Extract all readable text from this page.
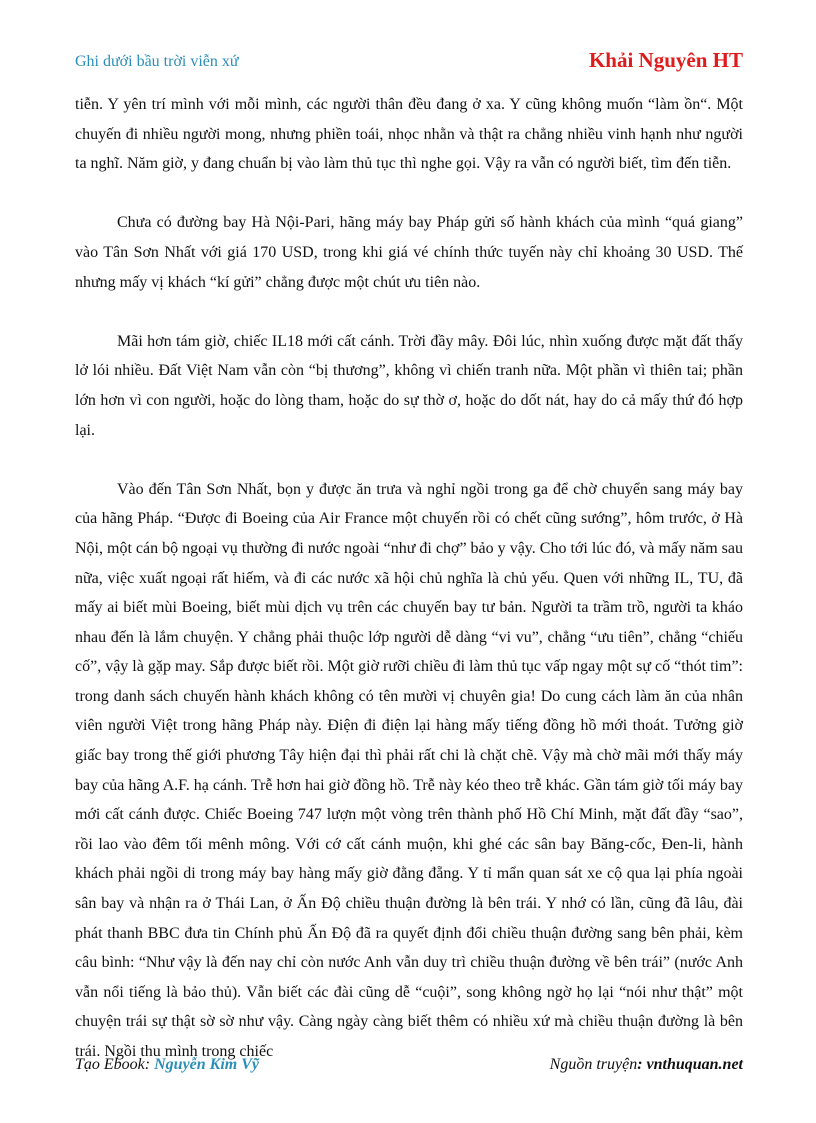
Ghi dưới bầu trời viễn xứ	Khải Nguyên HT

tiễn. Y yên trí mình với mỗi mình, các người thân đều đang ở xa. Y cũng không muốn “làm ồn“. Một chuyến đi nhiều người mong, nhưng phiền toái, nhọc nhằn và thật ra chẳng nhiều vinh hạnh như người ta nghĩ. Năm giờ, y đang chuẩn bị vào làm thủ tục thì nghe gọi. Vậy ra vẫn có người biết, tìm đến tiễn.

Chưa có đường bay Hà Nội-Pari, hãng máy bay Pháp gửi số hành khách của mình “quá giang” vào Tân Sơn Nhất với giá 170 USD, trong khi giá vé chính thức tuyến này chỉ khoảng 30 USD. Thế nhưng mấy vị khách “kí gửi” chẳng được một chút ưu tiên nào.

Mãi hơn tám giờ, chiếc IL18 mới cất cánh. Trời đầy mây. Đôi lúc, nhìn xuống được mặt đất thấy lở lói nhiều. Đất Việt Nam vẫn còn “bị thương”, không vì chiến tranh nữa. Một phần vì thiên tai; phần lớn hơn vì con người, hoặc do lòng tham, hoặc do sự thờ ơ, hoặc do dốt nát, hay do cả mấy thứ đó hợp lại.

Vào đến Tân Sơn Nhất, bọn y được ăn trưa và nghỉ ngồi trong ga để chờ chuyển sang máy bay của hãng Pháp. “Được đi Boeing của Air France một chuyến rồi có chết cũng sướng”, hôm trước, ở Hà Nội, một cán bộ ngoại vụ thường đi nước ngoài “như đi chợ” bảo y vậy. Cho tới lúc đó, và mấy năm sau nữa, việc xuất ngoại rất hiếm, và đi các nước xã hội chủ nghĩa là chủ yếu. Quen với những IL, TU, đã mấy ai biết mùi Boeing, biết mùi dịch vụ trên các chuyến bay tư bản. Người ta trầm trồ, người ta kháo nhau đến là lắm chuyện. Y chẳng phải thuộc lớp người dễ dàng “vi vu”, chẳng “ưu tiên”, chẳng “chiếu cố”, vậy là gặp may. Sắp được biết rồi. Một giờ rưỡi chiều đi làm thủ tục vấp ngay một sự cố “thót tim”: trong danh sách chuyến hành khách không có tên mười vị chuyên gia! Do cung cách làm ăn của nhân viên người Việt trong hãng Pháp này. Điện đi điện lại hàng mấy tiếng đồng hồ mới thoát. Tưởng giờ giấc bay trong thế giới phương Tây hiện đại thì phải rất chi là chặt chẽ. Vậy mà chờ mãi mới thấy máy bay của hãng A.F. hạ cánh. Trễ hơn hai giờ đồng hồ. Trễ này kéo theo trễ khác. Gần tám giờ tối máy bay mới cất cánh được. Chiếc Boeing 747 lượn một vòng trên thành phố Hồ Chí Minh, mặt đất đầy “sao”, rồi lao vào đêm tối mênh mông. Với cớ cất cánh muộn, khi ghé các sân bay Băng-cốc, Đen-li, hành khách phải ngồi di trong máy bay hàng mấy giờ đằng đẵng. Y tỉ mẩn quan sát xe cộ qua lại phía ngoài sân bay và nhận ra ở Thái Lan, ở Ấn Độ chiều thuận đường là bên trái. Y nhớ có lần, cũng đã lâu, đài phát thanh BBC đưa tin Chính phủ Ấn Độ đã ra quyết định đổi chiều thuận đường sang bên phải, kèm câu bình: “Như vậy là đến nay chỉ còn nước Anh vẫn duy trì chiều thuận đường về bên trái” (nước Anh vẫn nổi tiếng là bảo thủ). Vẫn biết các đài cũng dễ “cuội”, song không ngờ họ lại “nói như thật” một chuyện trái sự thật sờ sờ như vậy. Càng ngày càng biết thêm có nhiều xứ mà chiều thuận đường là bên trái. Ngồi thu mình trong chiếc

Tạo Ebook: Nguyễn Kim Vỹ	Nguồn truyện: vnthuquan.net
